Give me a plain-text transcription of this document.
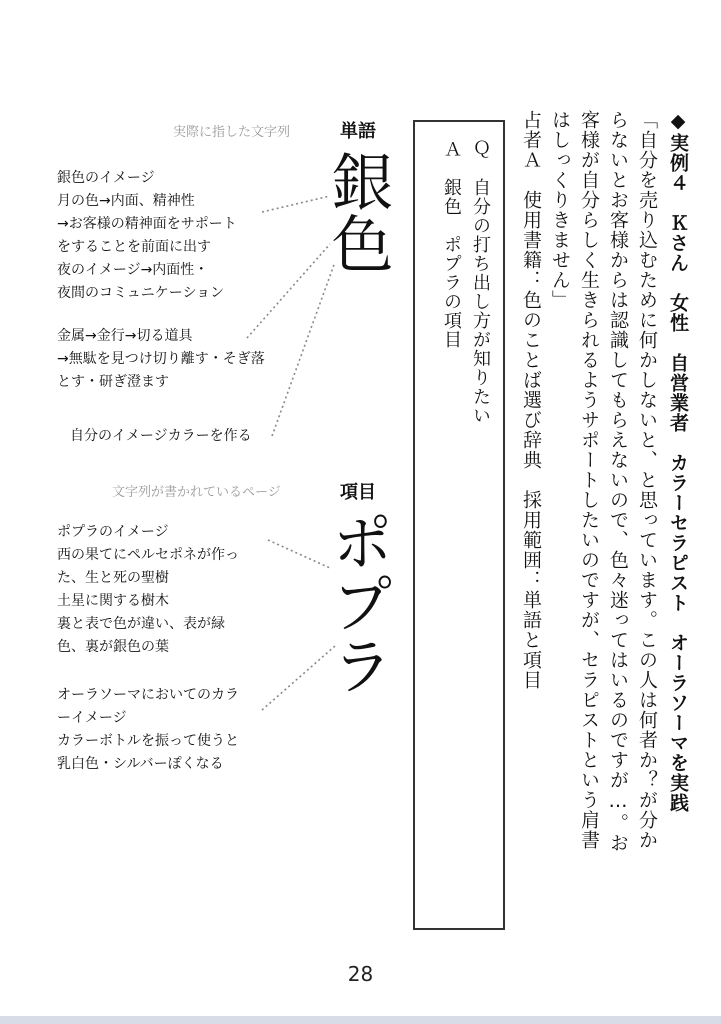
◆実例４　Ｋさん　女性　自営業者　カラーセラピスト　オーラソーマを実践
「自分を売り込むために何かしないと、と思っています。この人は何者か？が分か
らないとお客様からは認識してもらえないので、色々迷ってはいるのですが…。お
客様が自分らしく生きられるようサポートしたいのですが、セラピストという肩書
はしっくりきません」
占者Ａ　使用書籍：色のことば選び辞典　採用範囲：単語と項目
Ｑ　自分の打ち出し方が知りたい
Ａ　銀色　ポプラの項目
実際に指した文字列	単語
銀色
銀色のイメージ
月の色→内面、精神性
→お客様の精神面をサポート
をすることを前面に出す
夜のイメージ→内面性・
夜間のコミュニケーション
金属→金行→切る道具
→無駄を見つけ切り離す・そぎ落
とす・研ぎ澄ます
自分のイメージカラーを作る
文字列が書かれているページ	項目
ポプラ
ポプラのイメージ
西の果てにペルセポネが作っ
た、生と死の聖樹
土星に関する樹木
裏と表で色が違い、表が緑
色、裏が銀色の葉
オーラソーマにおいてのカラ
ーイメージ
カラーボトルを振って使うと
乳白色・シルバーぽくなる
28
